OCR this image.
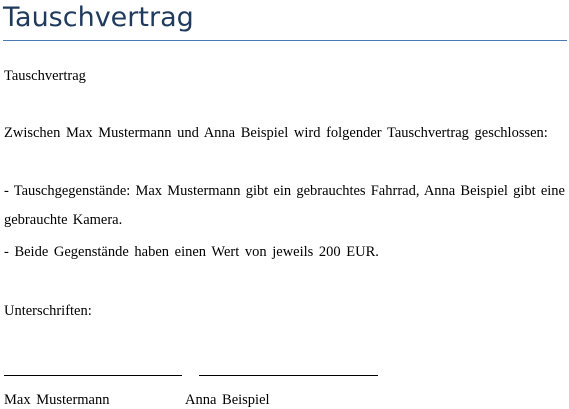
Tauschvertrag

Tauschvertrag

Zwischen Max Mustermann und Anna Beispiel wird folgender Tauschvertrag geschlossen:

- Tauschgegenstände: Max Mustermann gibt ein gebrauchtes Fahrrad, Anna Beispiel gibt eine gebrauchte Kamera.

- Beide Gegenstände haben einen Wert von jeweils 200 EUR.

Unterschriften:

Max Mustermann	Anna Beispiel
